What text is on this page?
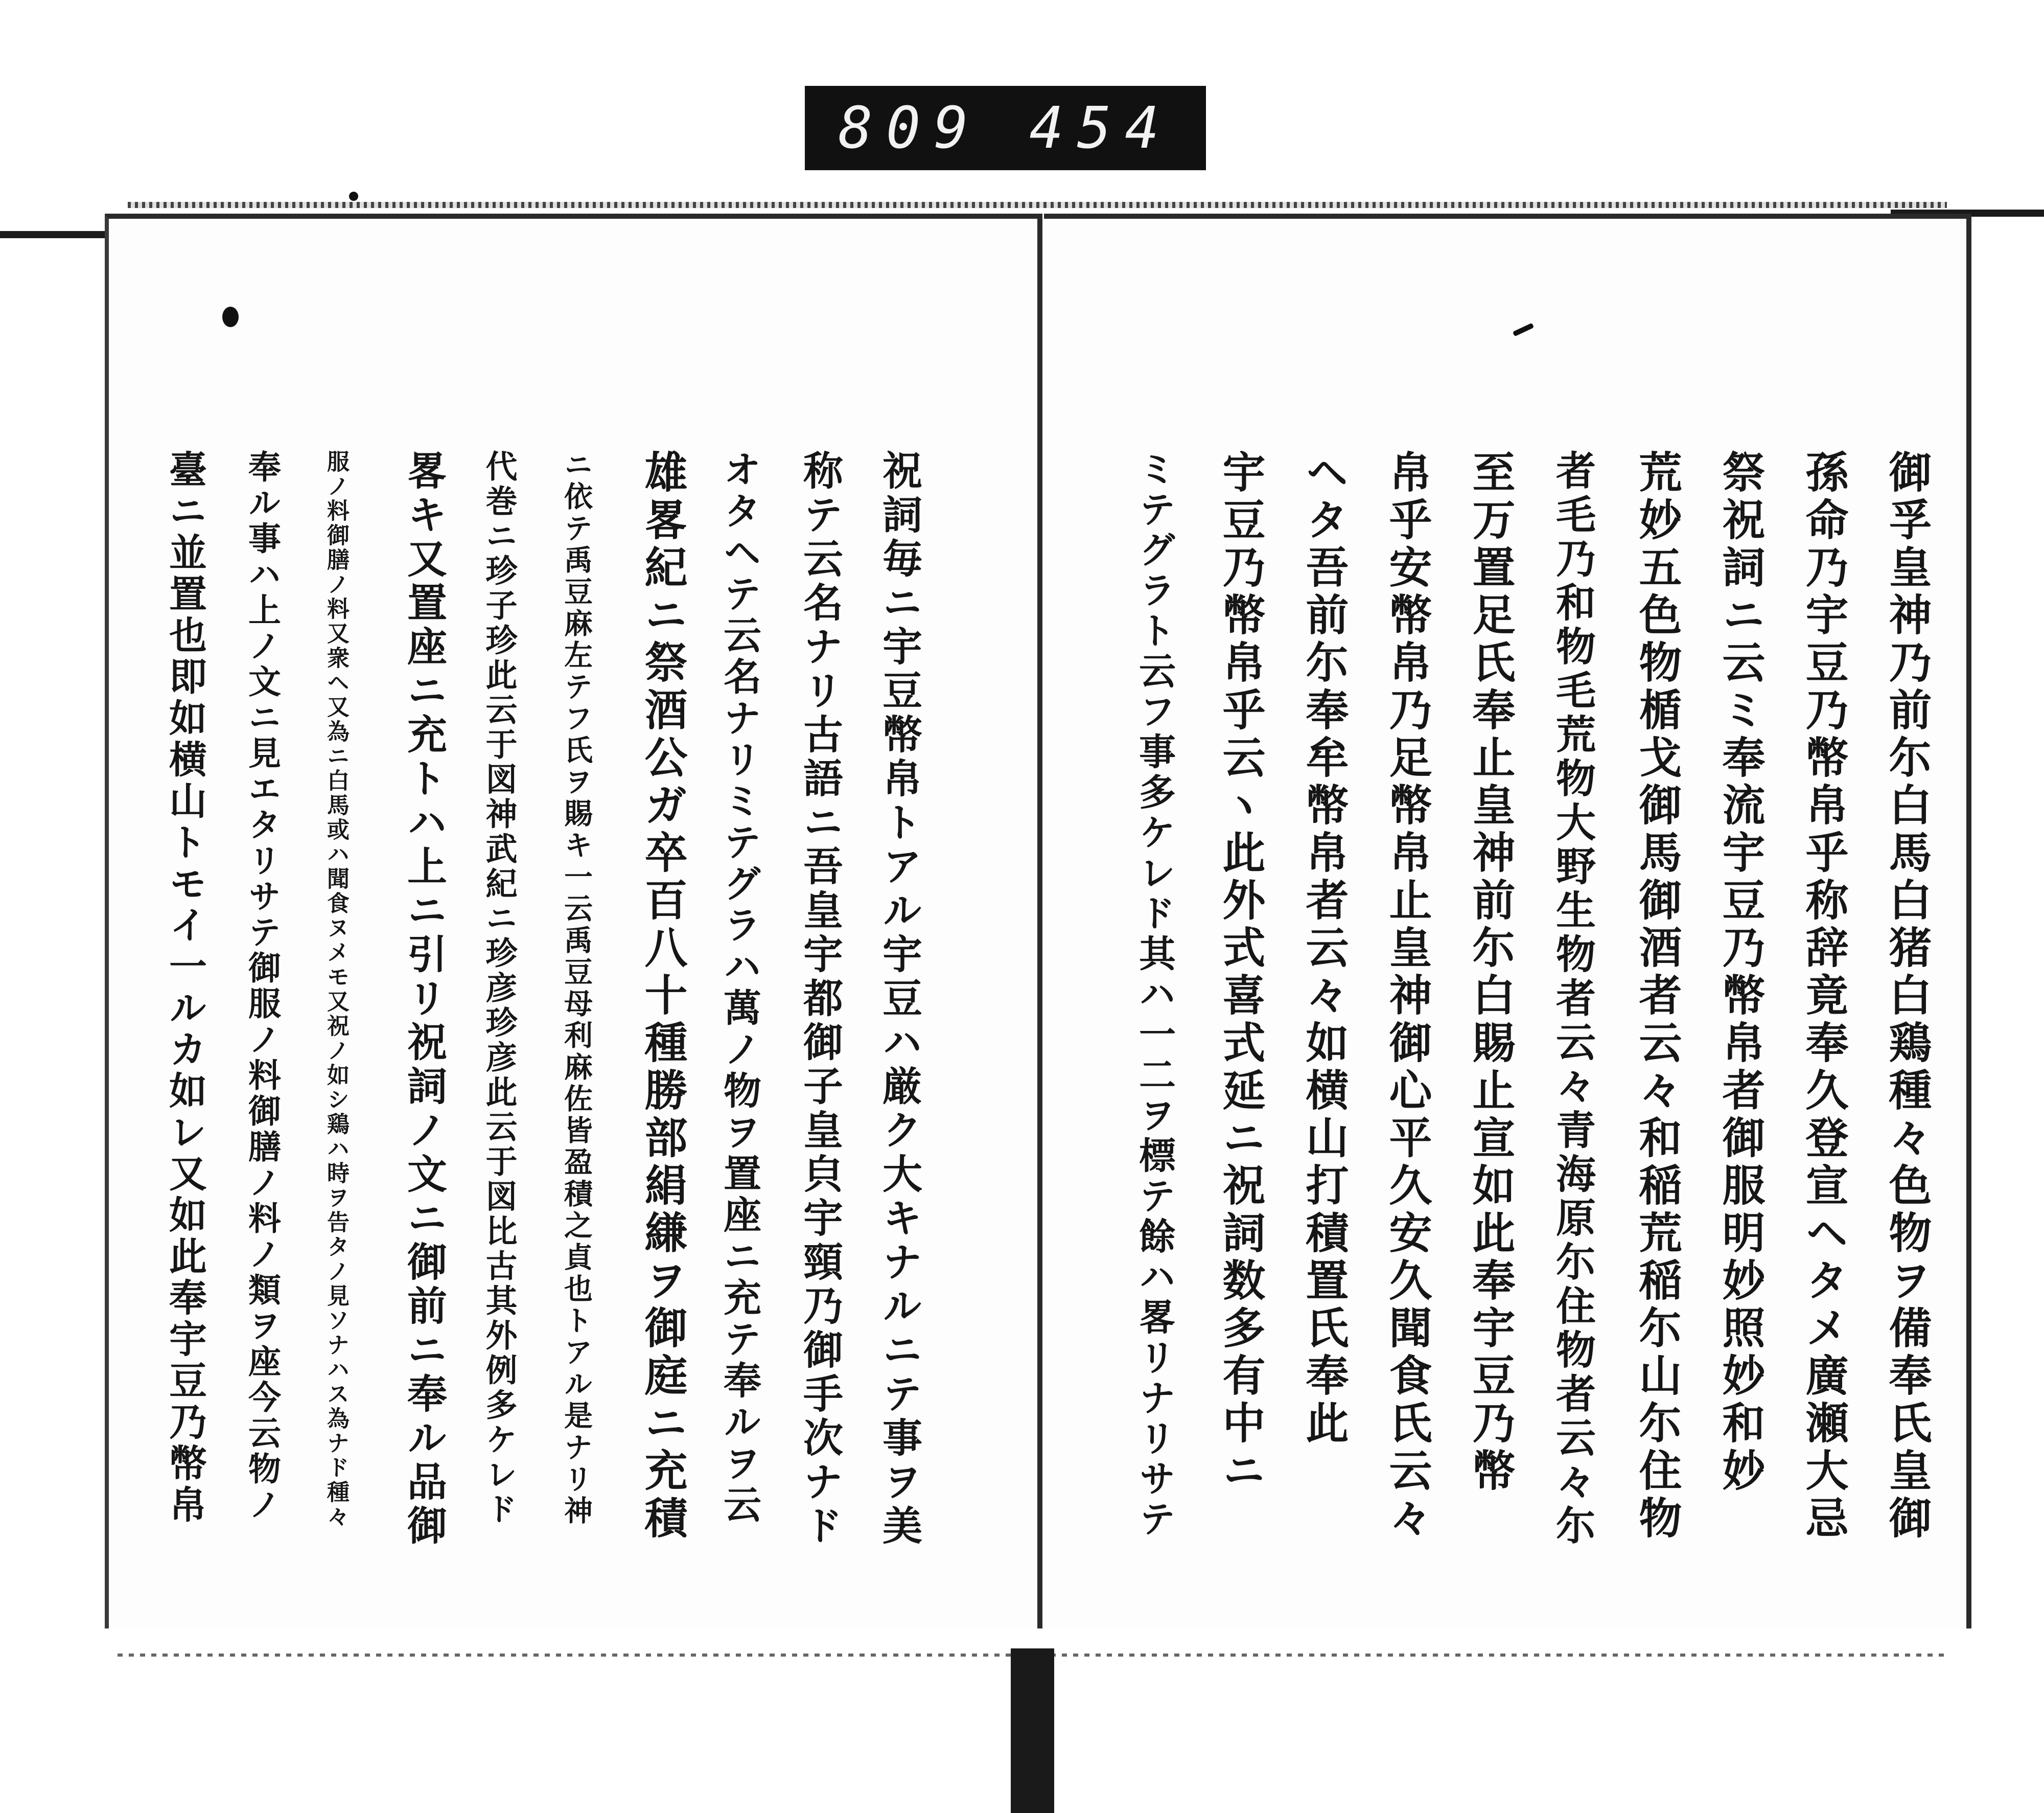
809 454
御孚皇神乃前尓白馬白猪白鶏種々色物ヲ備奉氏皇御
孫命乃宇豆乃幣帛乎称辞竟奉久登宣ヘタメ廣瀬大忌
祭祝詞ニ云ミ奉流宇豆乃幣帛者御服明妙照妙和妙
荒妙五色物楯戈御馬御酒者云々和稲荒稲尓山尓住物
者毛乃和物毛荒物大野生物者云々青海原尓住物者云々尓
至万置足氏奉止皇神前尓白賜止宣如此奉宇豆乃幣
帛乎安幣帛乃足幣帛止皇神御心平久安久聞食氏云々
ヘタ吾前尓奉牟幣帛者云々如横山打積置氏奉此
宇豆乃幣帛乎云ヽ此外式喜式延ニ祝詞数多有中ニ
ミテグラト云フ事多ケレド其ハ一二ヲ標テ餘ハ畧リナリサテ
祝詞毎ニ宇豆幣帛トアル宇豆ハ厳ク大キナルニテ事ヲ美
称テ云名ナリ古語ニ吾皇宇都御子皇㒵宇頸乃御手次ナド
オタヘテ云名ナリミテグラハ萬ノ物ヲ置座ニ充テ奉ルヲ云
雄畧紀ニ祭酒公ガ卒百八十種勝部絹縑ヲ御庭ニ充積
ニ依テ禹豆麻左テフ氏ヲ賜キ一云禹豆母利麻佐皆盈積之貞也トアル是ナリ神
代巻ニ珍子珍此云于図神武紀ニ珍彦珍彦此云于図比古其外例多ケレド
畧キ又置座ニ充トハ上ニ引リ祝詞ノ文ニ御前ニ奉ル品御
服ノ料御膳ノ料又衆ヘ又為ニ白馬或ハ聞食ヌメモ又祝ノ如シ鶏ハ時ヲ告タノ見ソナハス為ナド種々
奉ル事ハ上ノ文ニ見エタリサテ御服ノ料御膳ノ料ノ類ヲ座今云物ノ
臺ニ並置也即如横山トモイ一ルカ如レ又如此奉宇豆乃幣帛
